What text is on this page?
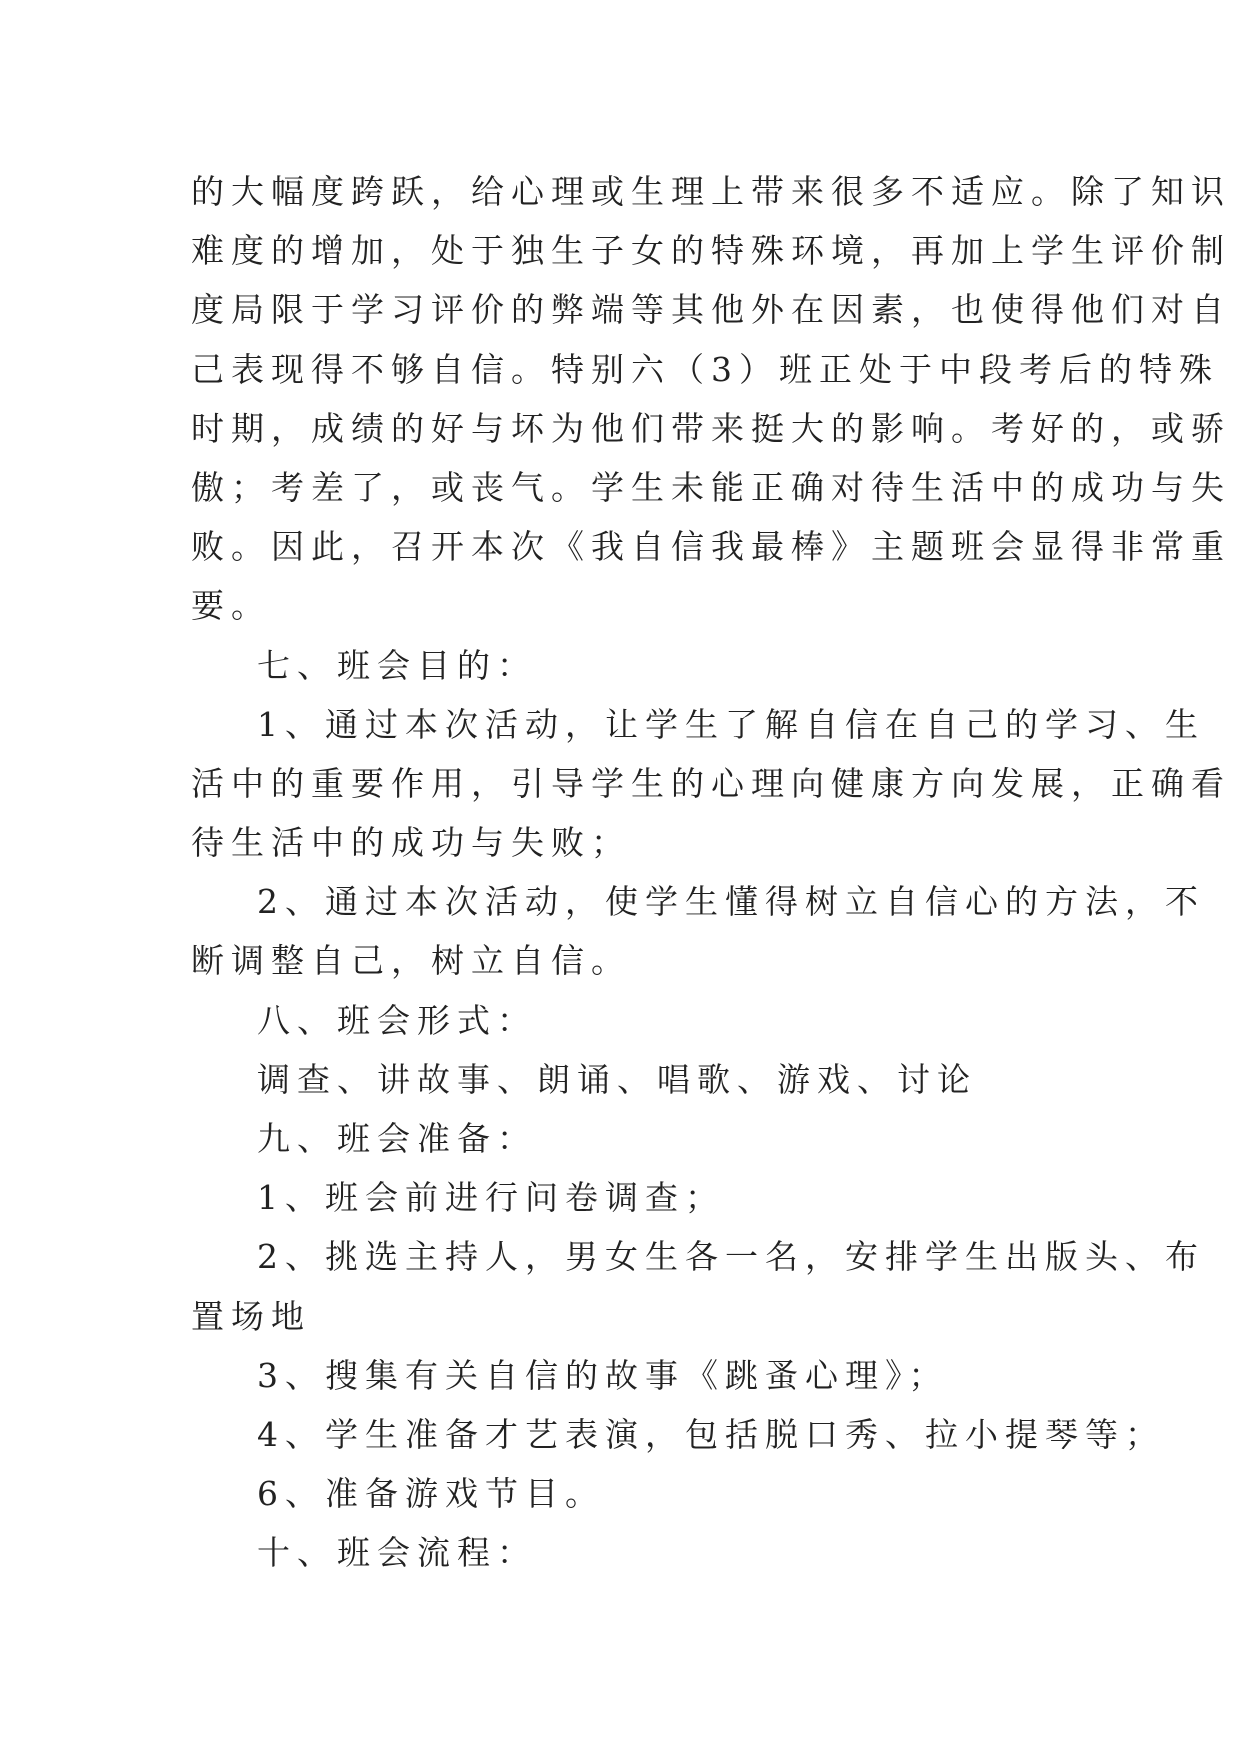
的大幅度跨跃，给心理或生理上带来很多不适应。除了知识
难度的增加，处于独生子女的特殊环境，再加上学生评价制
度局限于学习评价的弊端等其他外在因素，也使得他们对自
己表现得不够自信。特别六（3）班正处于中段考后的特殊
时期，成绩的好与坏为他们带来挺大的影响。考好的，或骄
傲；考差了，或丧气。学生未能正确对待生活中的成功与失
败。因此，召开本次《我自信我最棒》主题班会显得非常重
要。
七、班会目的：
1、通过本次活动，让学生了解自信在自己的学习、生
活中的重要作用，引导学生的心理向健康方向发展，正确看
待生活中的成功与失败；
2、通过本次活动，使学生懂得树立自信心的方法，不
断调整自己，树立自信。
八、班会形式：
调查、讲故事、朗诵、唱歌、游戏、讨论
九、班会准备：
1、班会前进行问卷调查；
2、挑选主持人，男女生各一名，安排学生出版头、布
置场地
3、搜集有关自信的故事《跳蚤心理》；
4、学生准备才艺表演，包括脱口秀、拉小提琴等；
6、准备游戏节目。
十、班会流程：
